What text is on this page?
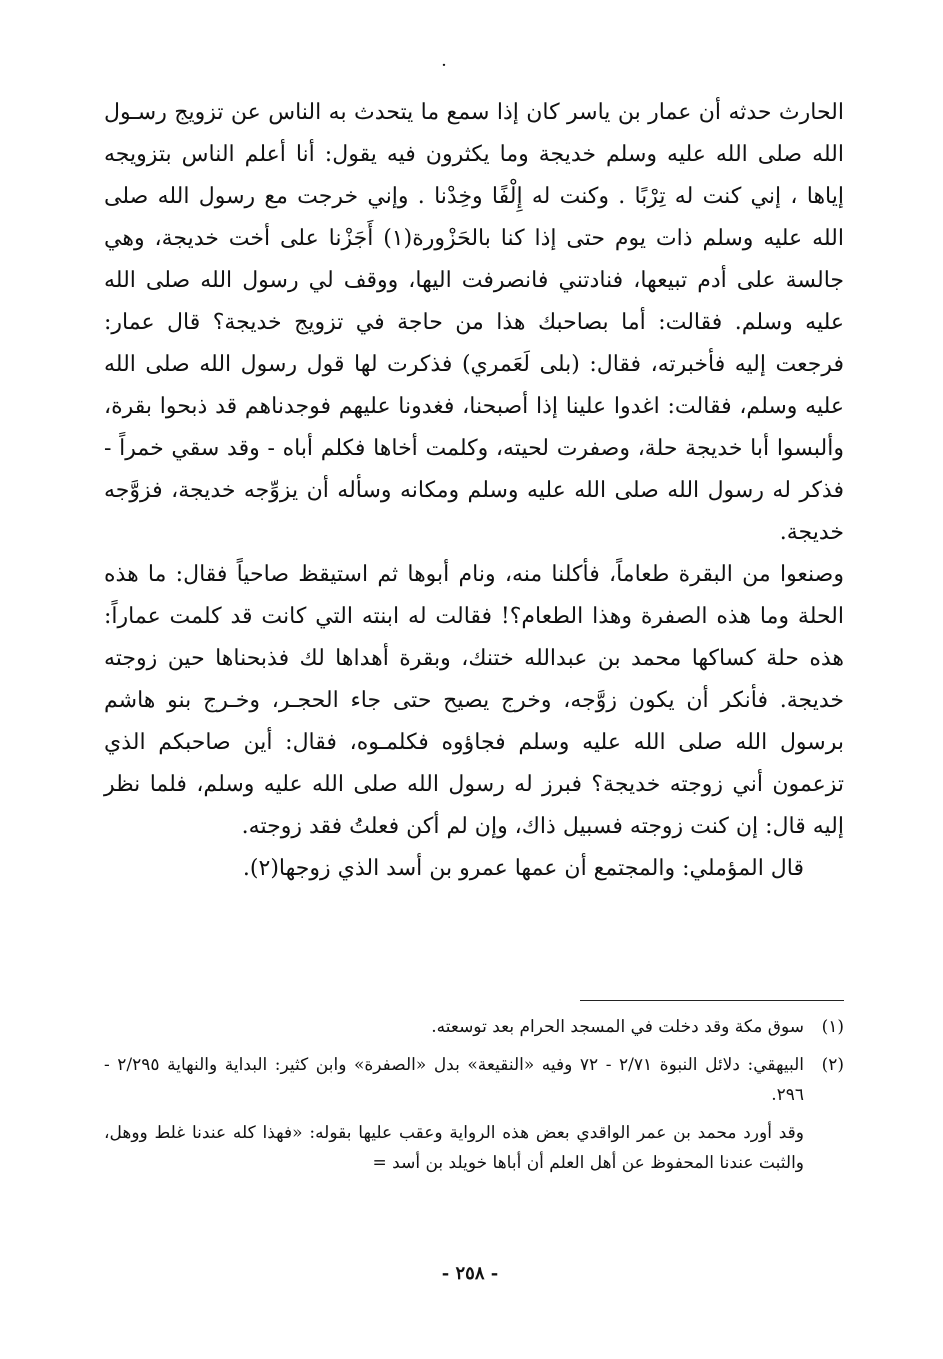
·

الحارث حدثه أن عمار بن ياسر كان إذا سمع ما يتحدث به الناس عن تزويج رسـول الله صلى الله عليه وسلم خديجة وما يكثرون فيه يقول: أنا أعلم الناس بتزويجه إياها ، إني كنت له تِرْبًا . وكنت له إِلْفًا وخِدْنا . وإني خرجت مع رسول الله صلى الله عليه وسلم ذات يوم حتى إذا كنا بالحَزْورة(١) أَجَزْنا على أخت خديجة، وهي جالسة على أدم تبيعها، فنادتني فانصرفت اليها، ووقف لي رسول الله صلى الله عليه وسلم. فقالت: أما بصاحبك هذا من حاجة في تزويج خديجة؟ قال عمار: فرجعت إليه فأخبرته، فقال: (بلى لَعَمري) فذكرت لها قول رسول الله صلى الله عليه وسلم، فقالت: اغدوا علينا إذا أصبحنا، فغدونا عليهم فوجدناهم قد ذبحوا بقرة، وألبسوا أبا خديجة حلة، وصفرت لحيته، وكلمت أخاها فكلم أباه - وقد سقي خمراً - فذكر له رسول الله صلى الله عليه وسلم ومكانه وسأله أن يزوِّجه خديجة، فزوَّجه خديجة.

وصنعوا من البقرة طعاماً، فأكلنا منه، ونام أبوها ثم استيقظ صاحياً فقال: ما هذه الحلة وما هذه الصفرة وهذا الطعام؟! فقالت له ابنته التي كانت قد كلمت عماراً: هذه حلة كساكها محمد بن عبدالله ختنك، وبقرة أهداها لك فذبحناها حين زوجته خديجة. فأنكر أن يكون زوَّجه، وخرج يصيح حتى جاء الحجـر، وخـرج بنو هاشم برسول الله صلى الله عليه وسلم فجاؤوه فكلمـوه، فقال: أين صاحبكم الذي تزعمون أني زوجته خديجة؟ فبرز له رسول الله صلى الله عليه وسلم، فلما نظر إليه قال: إن كنت زوجته فسبيل ذاك، وإن لم أكن فعلتُ فقد زوجته.

قال المؤملي: والمجتمع أن عمها عمرو بن أسد الذي زوجها(٢).

(١)
سوق مكة وقد دخلت في المسجد الحرام بعد توسعته.
(٢)
البيهقي: دلائل النبوة ٢/٧١ - ٧٢ وفيه «النقيعة» بدل «الصفرة» وابن كثير: البداية والنهاية ٢/٢٩٥ - ٢٩٦.
وقد أورد محمد بن عمر الواقدي بعض هذه الرواية وعقب عليها بقوله: «فهذا كله عندنا غلط ووهل، والثبت عندنا المحفوظ عن أهل العلم أن أباها خويلد بن أسد =
- ٢٥٨ -
